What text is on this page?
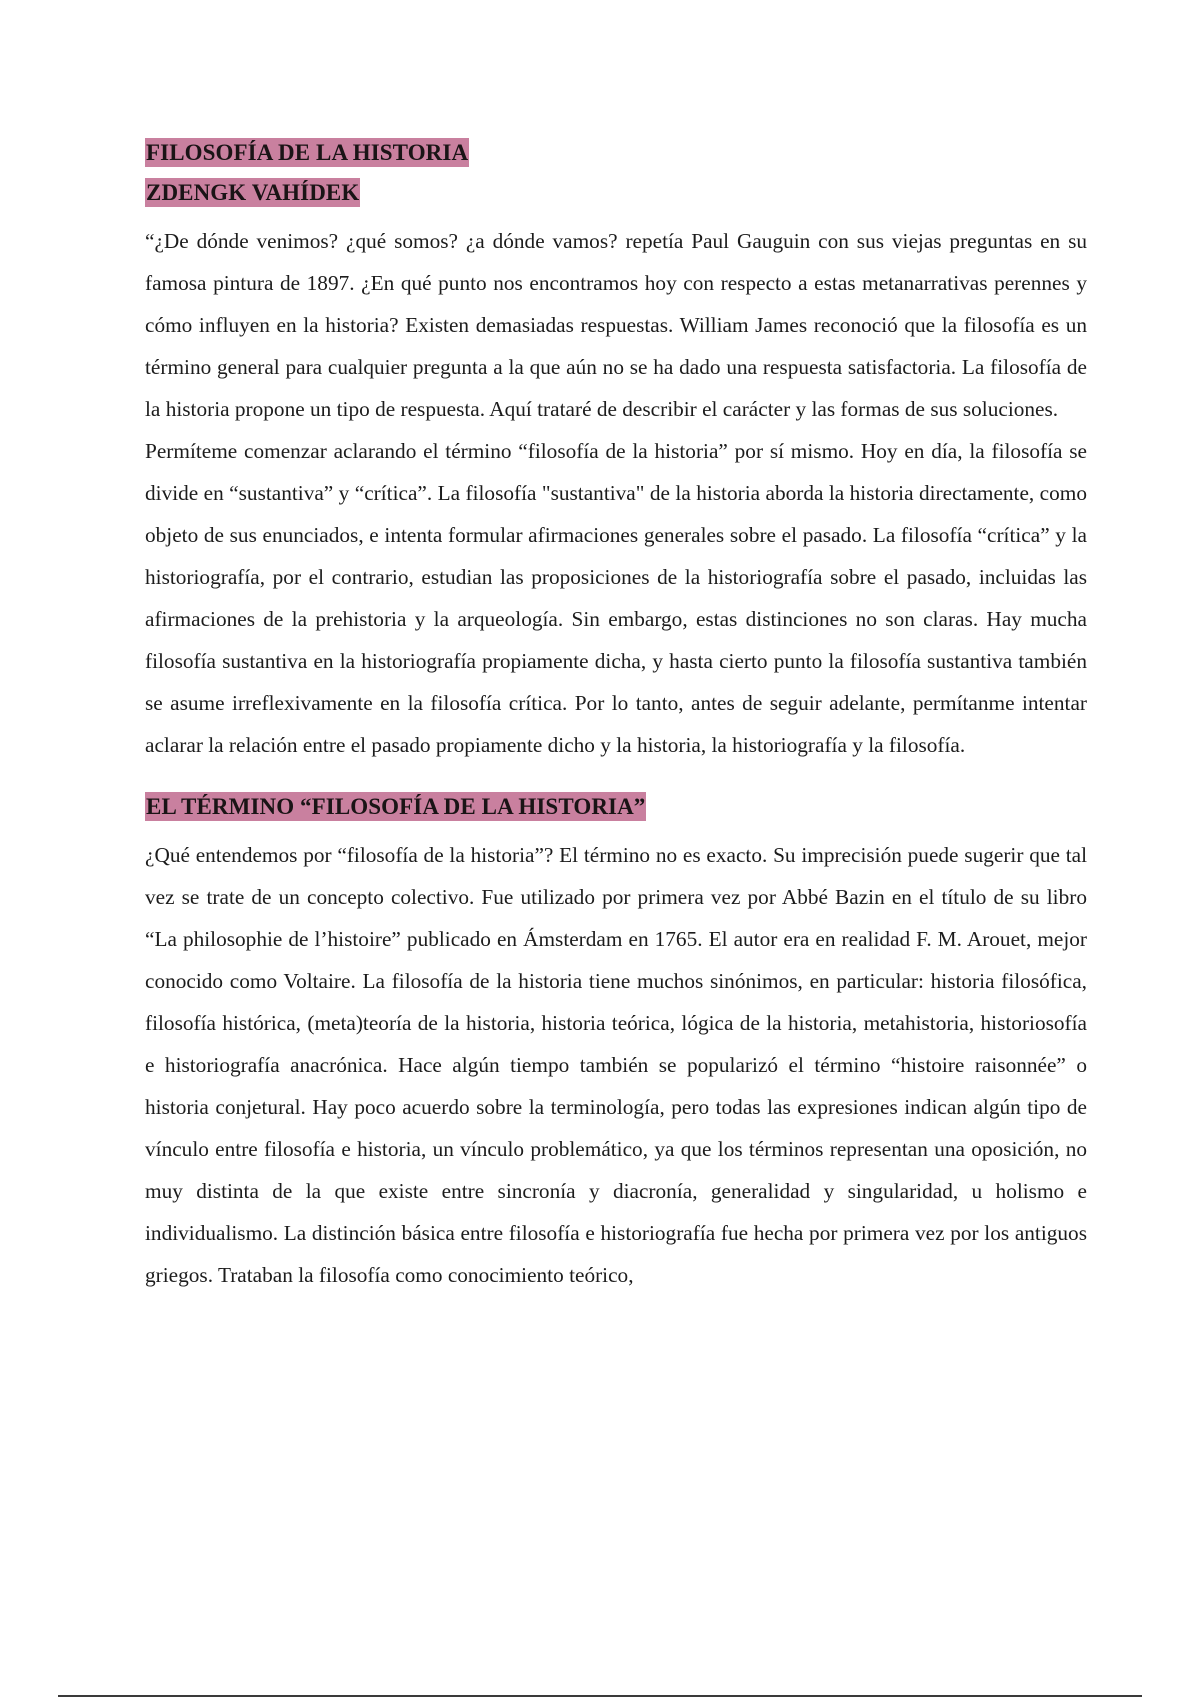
FILOSOFÍA DE LA HISTORIA
ZDENGK VAHÍDEK

“¿De dónde venimos? ¿qué somos? ¿a dónde vamos? repetía Paul Gauguin con sus viejas preguntas en su famosa pintura de 1897. ¿En qué punto nos encontramos hoy con respecto a estas metanarrativas perennes y cómo influyen en la historia? Existen demasiadas respuestas. William James reconoció que la filosofía es un término general para cualquier pregunta a la que aún no se ha dado una respuesta satisfactoria. La filosofía de la historia propone un tipo de respuesta. Aquí trataré de describir el carácter y las formas de sus soluciones.

Permíteme comenzar aclarando el término “filosofía de la historia” por sí mismo. Hoy en día, la filosofía se divide en “sustantiva” y “crítica”. La filosofía "sustantiva" de la historia aborda la historia directamente, como objeto de sus enunciados, e intenta formular afirmaciones generales sobre el pasado. La filosofía “crítica” y la historiografía, por el contrario, estudian las proposiciones de la historiografía sobre el pasado, incluidas las afirmaciones de la prehistoria y la arqueología. Sin embargo, estas distinciones no son claras. Hay mucha filosofía sustantiva en la historiografía propiamente dicha, y hasta cierto punto la filosofía sustantiva también se asume irreflexivamente en la filosofía crítica. Por lo tanto, antes de seguir adelante, permítanme intentar aclarar la relación entre el pasado propiamente dicho y la historia, la historiografía y la filosofía.

EL TÉRMINO “FILOSOFÍA DE LA HISTORIA”

¿Qué entendemos por “filosofía de la historia”? El término no es exacto. Su imprecisión puede sugerir que tal vez se trate de un concepto colectivo. Fue utilizado por primera vez por Abbé Bazin en el título de su libro “La philosophie de l’histoire” publicado en Ámsterdam en 1765. El autor era en realidad F. M. Arouet, mejor conocido como Voltaire. La filosofía de la historia tiene muchos sinónimos, en particular: historia filosófica, filosofía histórica, (meta)teoría de la historia, historia teórica, lógica de la historia, metahistoria, historiosofía e historiografía anacrónica. Hace algún tiempo también se popularizó el término “histoire raisonnée” o historia conjetural. Hay poco acuerdo sobre la terminología, pero todas las expresiones indican algún tipo de vínculo entre filosofía e historia, un vínculo problemático, ya que los términos representan una oposición, no muy distinta de la que existe entre sincronía y diacronía, generalidad y singularidad, u holismo e individualismo. La distinción básica entre filosofía e historiografía fue hecha por primera vez por los antiguos griegos. Trataban la filosofía como conocimiento teórico,
